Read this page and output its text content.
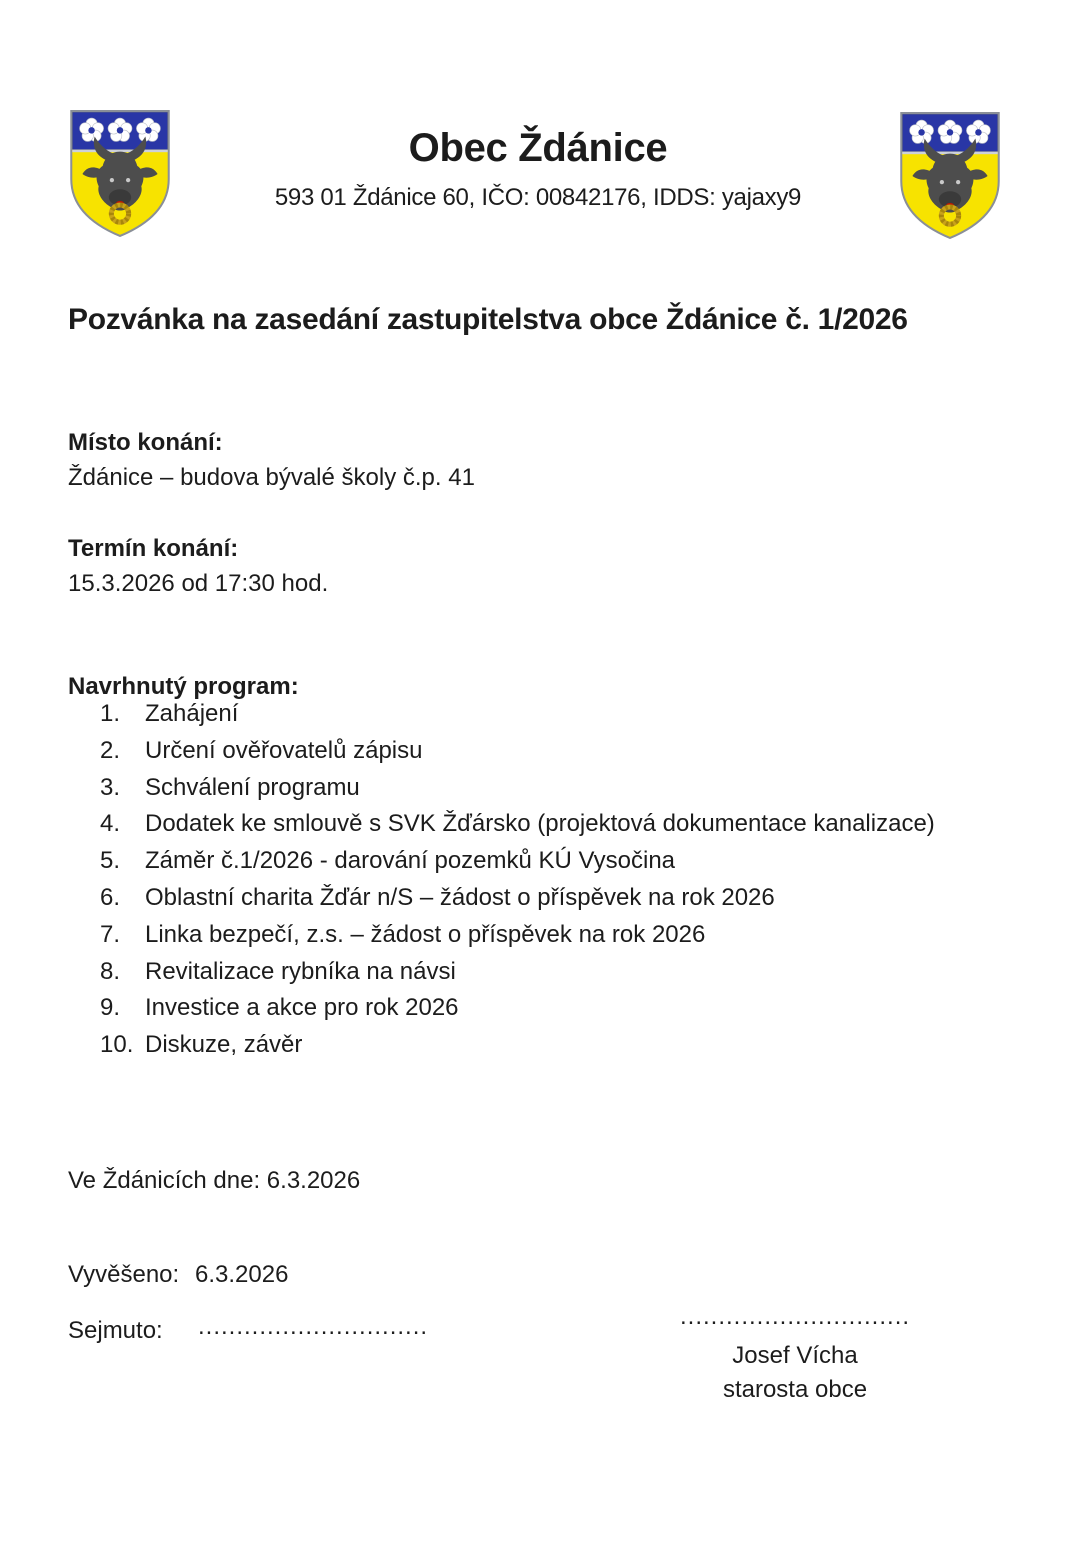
Obec Ždánice
593 01 Ždánice 60, IČO: 00842176, IDDS: yajaxy9
Pozvánka na zasedání zastupitelstva obce Ždánice č. 1/2026
Místo konání:
Ždánice – budova bývalé školy č.p. 41
Termín konání:
15.3.2026 od 17:30 hod.
Navrhnutý program:
1.	Zahájení
2.	Určení ověřovatelů zápisu
3.	Schválení programu
4.	Dodatek ke smlouvě s SVK Žďársko (projektová dokumentace kanalizace)
5.	Záměr č.1/2026 - darování pozemků KÚ Vysočina
6.	Oblastní charita Žďár n/S – žádost o příspěvek na rok 2026
7.	Linka bezpečí, z.s. – žádost o příspěvek na rok 2026
8.	Revitalizace rybníka na návsi
9.	Investice a akce pro rok 2026
10. Diskuze, závěr
Ve Ždánicích dne: 6.3.2026
Vyvěšeno: 6.3.2026
Sejmuto: ..............................	..............................
Josef Vícha
starosta obce
